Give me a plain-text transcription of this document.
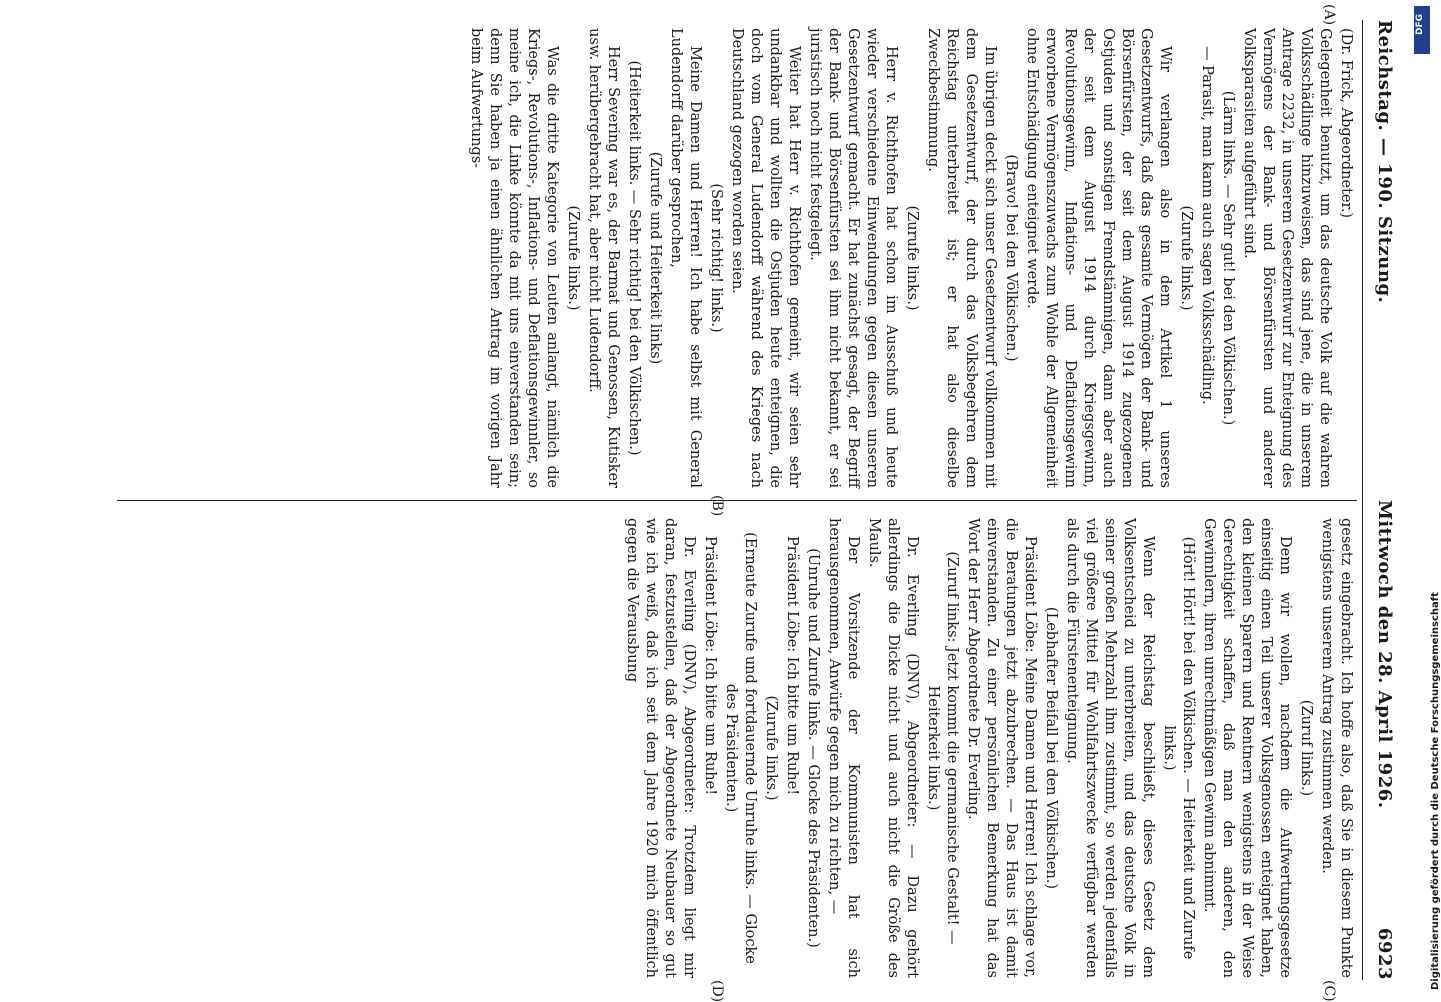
Reichstag. — 190. Sitzung.
Mittwoch den 28. April 1926.
6923
(A)
(B)
(C)
(D)

(Dr. Frick, Abgeordneter.)

Gelegenheit benutzt, um das deutsche Volk auf die wahren Volksschädlinge hinzuweisen, das sind jene, die in unserem Antrage 2232, in unserem Gesetzentwurf zur Enteignung des Vermögens der Bank- und Börsenfürsten und anderer Volksparasiten aufgeführt sind.

(Lärm links. — Sehr gut! bei den Völkischen.)

— Parasit, man kann auch sagen Volksschädling.

(Zurufe links.)

Wir verlangen also in dem Artikel 1 unseres Gesetzentwurfs, daß das gesamte Vermögen der Bank- und Börsenfürsten, der seit dem August 1914 zugezogenen Ostjuden und sonstigen Fremdstämmigen, dann aber auch der seit dem August 1914 durch Kriegsgewinn, Revolutionsgewinn, Inflations- und Deflationsgewinn erworbene Vermögenszuwachs zum Wohle der Allgemeinheit ohne Entschädigung enteignet werde.

(Bravo! bei den Völkischen.)

Im übrigen deckt sich unser Gesetzentwurf vollkommen mit dem Gesetzentwurf, der durch das Volksbegehren dem Reichstag unterbreitet ist; er hat also dieselbe Zweckbestimmung.

(Zurufe links.)

Herr v. Richthofen hat schon im Ausschuß und heute wieder verschiedene Einwendungen gegen diesen unseren Gesetzentwurf gemacht. Er hat zunächst gesagt, der Begriff der Bank- und Börsenfürsten sei ihm nicht bekannt, er sei juristisch noch nicht festgelegt.

Weiter hat Herr v. Richthofen gemeint, wir seien sehr undankbar und wollten die Ostjuden heute enteignen, die doch vom General Ludendorff während des Krieges nach Deutschland gezogen worden seien.

(Sehr richtig! links.)

Meine Damen und Herren! Ich habe selbst mit General Ludendorff darüber gesprochen,

(Zurufe und Heiterkeit links)

(Heiterkeit links. — Sehr richtig! bei den Völkischen.)

Herr Severing war es, der Barmat und Genossen, Kutisker usw. herübergebracht hat, aber nicht Ludendorff.

(Zurufe links.)

Was die dritte Kategorie von Leuten anlangt, nämlich die Kriegs-, Revolutions-, Inflations- und Deflationsgewinnler, so meine ich, die Linke könnte da mit uns einverstanden sein; denn Sie haben ja einen ähnlichen Antrag im vorigen Jahr beim Aufwertungs-

gesetz eingebracht. Ich hoffe also, daß Sie in diesem Punkte wenigstens unserem Antrag zustimmen werden.

(Zuruf links.)

Denn wir wollen, nachdem die Aufwertungsgesetze einseitig einen Teil unserer Volksgenossen enteignet haben, den kleinen Sparern und Rentnern wenigstens in der Weise Gerechtigkeit schaffen, daß man den anderen, den Gewinnlern, ihren unrechtmäßigen Gewinn abnimmt.

(Hört! Hört! bei den Völkischen. — Heiterkeit und Zurufe links.)

Wenn der Reichstag beschließt, dieses Gesetz dem Volksentscheid zu unterbreiten, und das deutsche Volk in seiner großen Mehrzahl ihm zustimmt, so werden jedenfalls viel größere Mittel für Wohlfahrtszwecke verfügbar werden als durch die Fürstenenteignung.

(Lebhafter Beifall bei den Völkischen.)

Präsident Löbe: Meine Damen und Herren! Ich schlage vor, die Beratungen jetzt abzubrechen. — Das Haus ist damit einverstanden. Zu einer persönlichen Bemerkung hat das Wort der Herr Abgeordnete Dr. Everling.

(Zuruf links: Jetzt kommt die germanische Gestalt! — Heiterkeit links.)

Dr. Everling (DNV), Abgeordneter: — Dazu gehört allerdings die Dicke nicht und auch nicht die Größe des Mauls.

Der Vorsitzende der Kommunisten hat sich herausgenommen, Anwürfe gegen mich zu richten, —

(Unruhe und Zurufe links. — Glocke des Präsidenten.)

Präsident Löbe: Ich bitte um Ruhe!

(Zurufe links.)

(Erneute Zurufe und fortdauernde Unruhe links. — Glocke des Präsidenten.)

Präsident Löbe: Ich bitte um Ruhe!

Dr. Everling (DNV), Abgeordneter: Trotzdem liegt mir daran, festzustellen, daß der Abgeordnete Neubauer so gut wie ich weiß, daß ich seit dem Jahre 1920 mich öffentlich gegen die Verausbung	Digitalisierung gefördert durch die Deutsche Forschungsgemeinschaft
DFG
